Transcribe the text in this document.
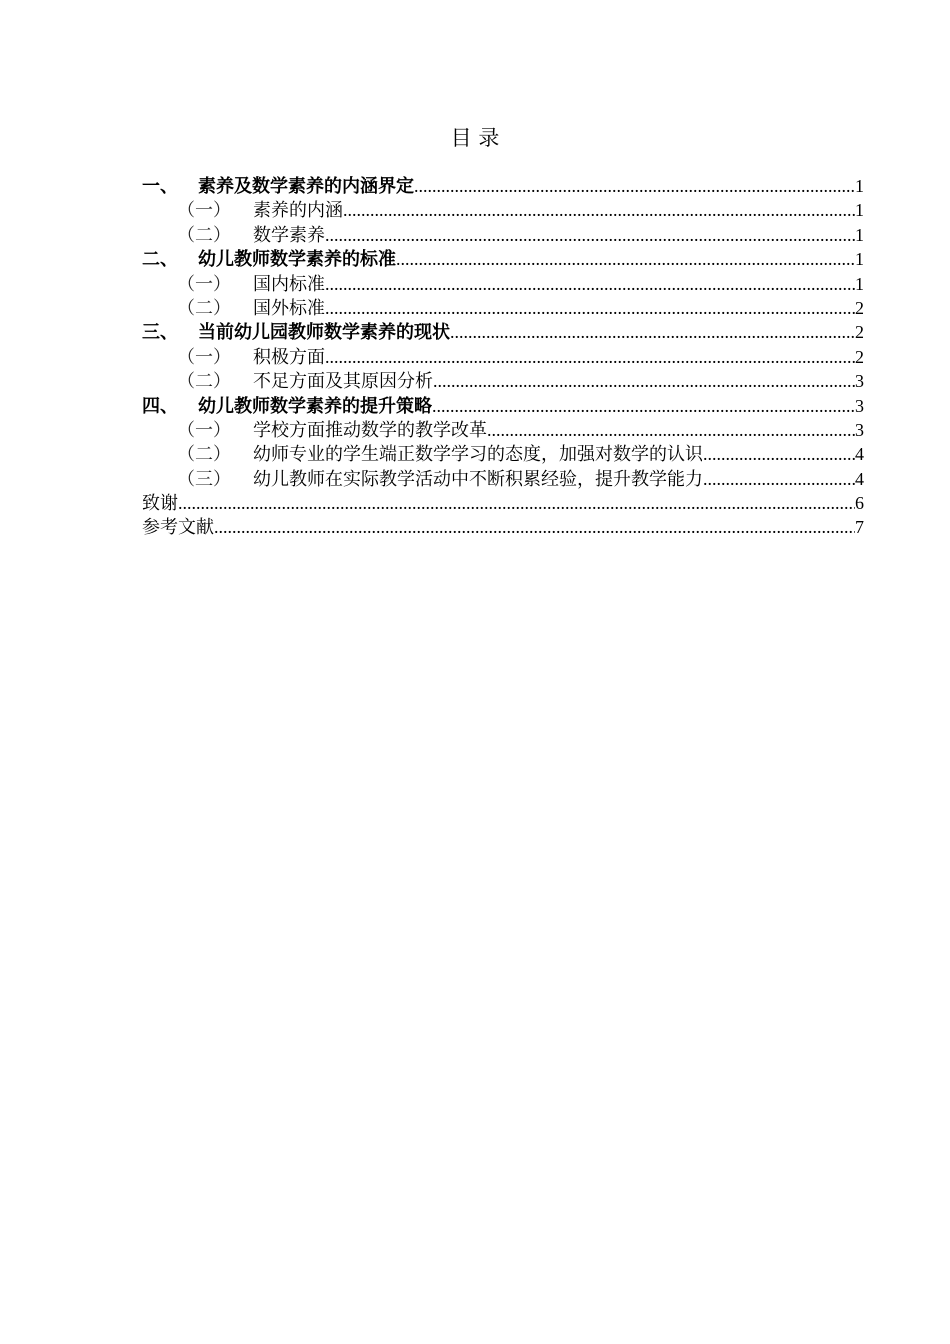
目 录
一、	素养及数学素养的内涵界定 .....	1
（一）	素养的内涵 .....	1
（二）	数学素养 .....	1
二、	幼儿教师数学素养的标准 .....	1
（一）	国内标准 .....	1
（二）	国外标准 .....	2
三、	当前幼儿园教师数学素养的现状 .....	2
（一）	积极方面 .....	2
（二）	不足方面及其原因分析 .....	3
四、	幼儿教师数学素养的提升策略 .....	3
（一）	学校方面推动数学的教学改革 .....	3
（二）	幼师专业的学生端正数学学习的态度，加强对数学的认识 .....	4
（三）	幼儿教师在实际教学活动中不断积累经验，提升教学能力 .....	4
致谢 .....	6
参考文献 .....	7
